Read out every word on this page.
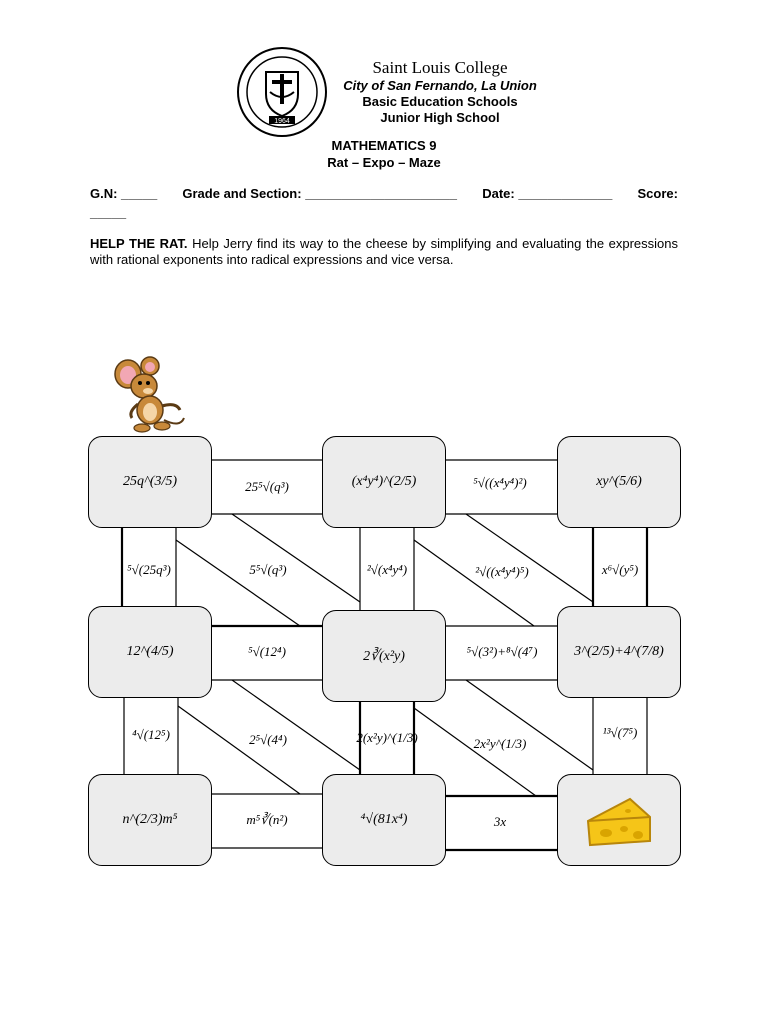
1964
Saint Louis College
City of San Fernando, La Union
Basic Education Schools
Junior High School
MATHEMATICS 9
Rat – Expo – Maze
G.N: _____ Grade and Section: _____________________ Date: _____________ Score:
_____
HELP THE RAT. Help Jerry find its way to the cheese by simplifying and evaluating the expressions with rational exponents into radical expressions and vice versa.
25q^(3/5)	(x⁴y⁴)^(2/5)	xy^(5/6)
12^(4/5)	2∛(x²y)	3^(2/5)+4^(7/8)
n^(2/3)m⁵	⁴√(81x⁴)
25⁵√(q³)	⁵√((x⁴y⁴)²)
⁵√(25q³)	5⁵√(q³)	²√(x⁴y⁴)	²√((x⁴y⁴)⁵)	x⁶√(y⁵)
⁵√(12⁴)	⁵√(3²)+⁸√(4⁷)
⁴√(12⁵)	2⁵√(4⁴)	2(x²y)^(1/3)	2x²y^(1/3)
¹³√(7⁵)
m⁵∛(n²)	3x
